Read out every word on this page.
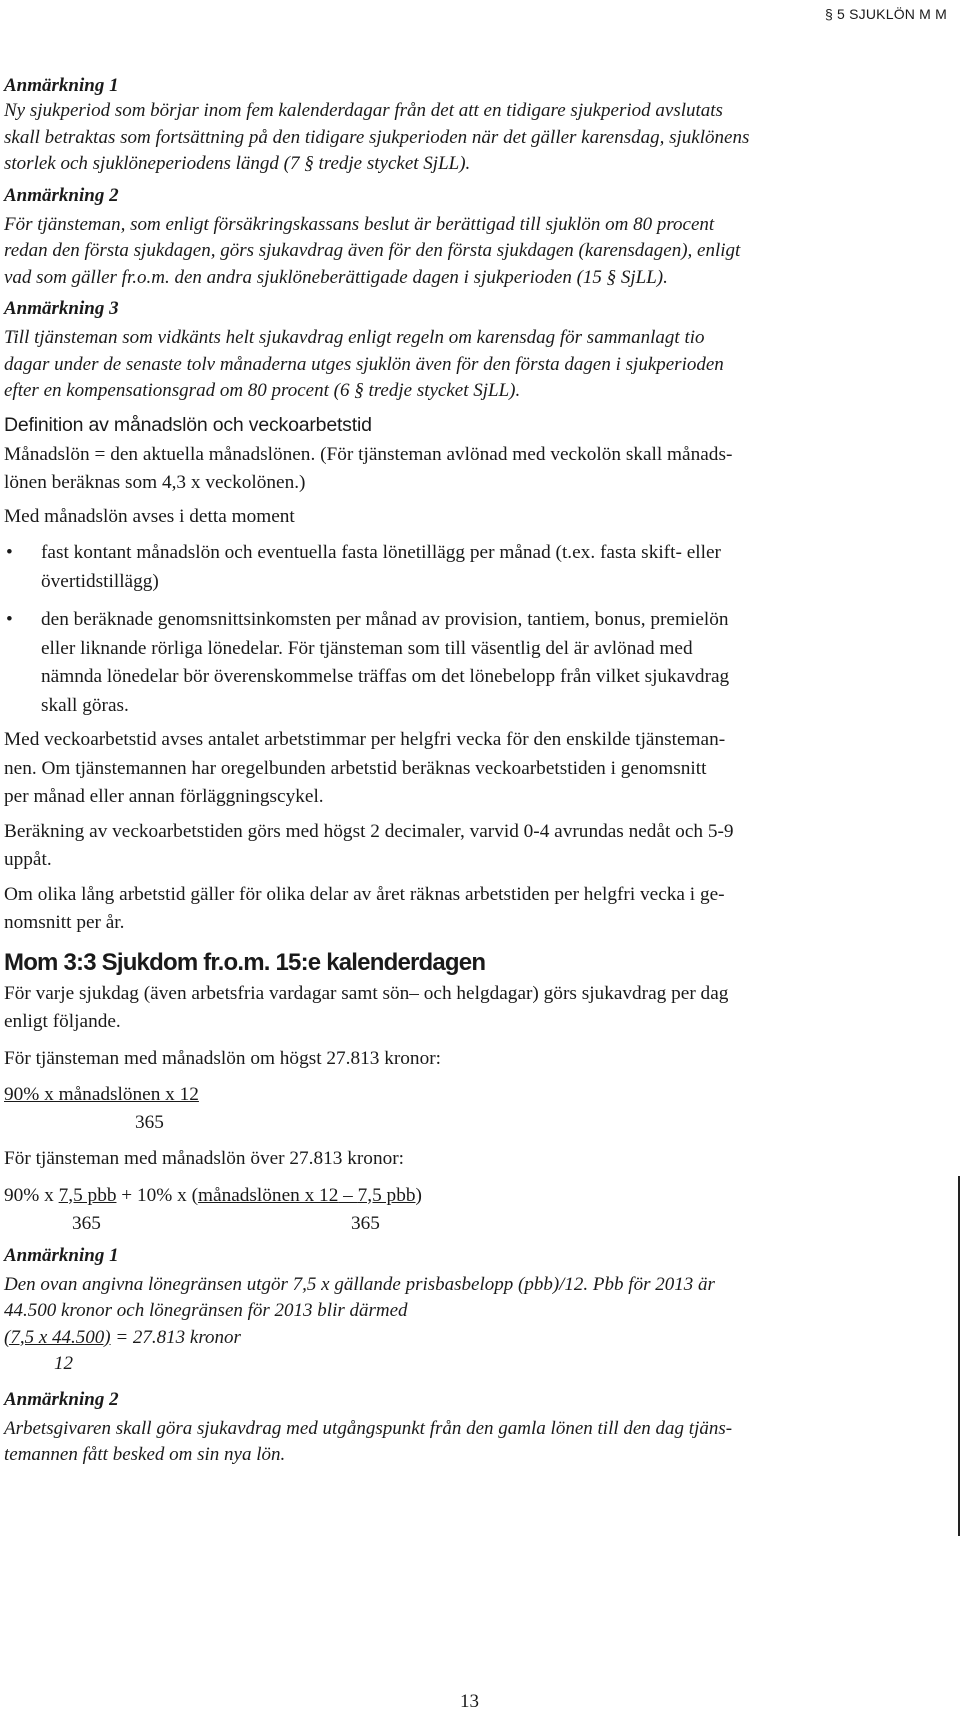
§ 5 SJUKLÖN M M

Anmärkning 1

Ny sjukperiod som börjar inom fem kalenderdagar från det att en tidigare sjukperiod avslutats
skall betraktas som fortsättning på den tidigare sjukperioden när det gäller karensdag, sjuklönens
storlek och sjuklöneperiodens längd (7 § tredje stycket SjLL).

Anmärkning 2

För tjänsteman, som enligt försäkringskassans beslut är berättigad till sjuklön om 80 procent
redan den första sjukdagen, görs sjukavdrag även för den första sjukdagen (karensdagen), enligt
vad som gäller fr.o.m. den andra sjuklöneberättigade dagen i sjukperioden (15 § SjLL).

Anmärkning 3

Till tjänsteman som vidkänts helt sjukavdrag enligt regeln om karensdag för sammanlagt tio
dagar under de senaste tolv månaderna utges sjuklön även för den första dagen i sjukperioden
efter en kompensationsgrad om 80 procent (6 § tredje stycket SjLL).

Definition av månadslön och veckoarbetstid

Månadslön = den aktuella månadslönen. (För tjänsteman avlönad med veckolön skall månads-
lönen beräknas som 4,3 x veckolönen.)

Med månadslön avses i detta moment

• fast kontant månadslön och eventuella fasta lönetillägg per månad (t.ex. fasta skift- eller
övertidstillägg)
• den beräknade genomsnittsinkomsten per månad av provision, tantiem, bonus, premielön
eller liknande rörliga lönedelar. För tjänsteman som till väsentlig del är avlönad med
nämnda lönedelar bör överenskommelse träffas om det lönebelopp från vilket sjukavdrag
skall göras.

Med veckoarbetstid avses antalet arbetstimmar per helgfri vecka för den enskilde tjänsteman-
nen. Om tjänstemannen har oregelbunden arbetstid beräknas veckoarbetstiden i genomsnitt
per månad eller annan förläggningscykel.

Beräkning av veckoarbetstiden görs med högst 2 decimaler, varvid 0-4 avrundas nedåt och 5-9
uppåt.

Om olika lång arbetstid gäller för olika delar av året räknas arbetstiden per helgfri vecka i ge-
nomsnitt per år.

Mom 3:3 Sjukdom fr.o.m. 15:e kalenderdagen

För varje sjukdag (även arbetsfria vardagar samt sön– och helgdagar) görs sjukavdrag per dag
enligt följande.

För tjänsteman med månadslön om högst 27.813 kronor:

90% x månadslönen x 12

365

För tjänsteman med månadslön över 27.813 kronor:

90% x 7,5 pbb + 10% x (månadslönen x 12 – 7,5 pbb)

365	365

Anmärkning 1

Den ovan angivna lönegränsen utgör 7,5 x gällande prisbasbelopp (pbb)/12. Pbb för 2013 är
44.500 kronor och lönegränsen för 2013 blir därmed
(7,5 x 44.500) = 27.813 kronor
12

Anmärkning 2

Arbetsgivaren skall göra sjukavdrag med utgångspunkt från den gamla lönen till den dag tjäns-
temannen fått besked om sin nya lön.

13
